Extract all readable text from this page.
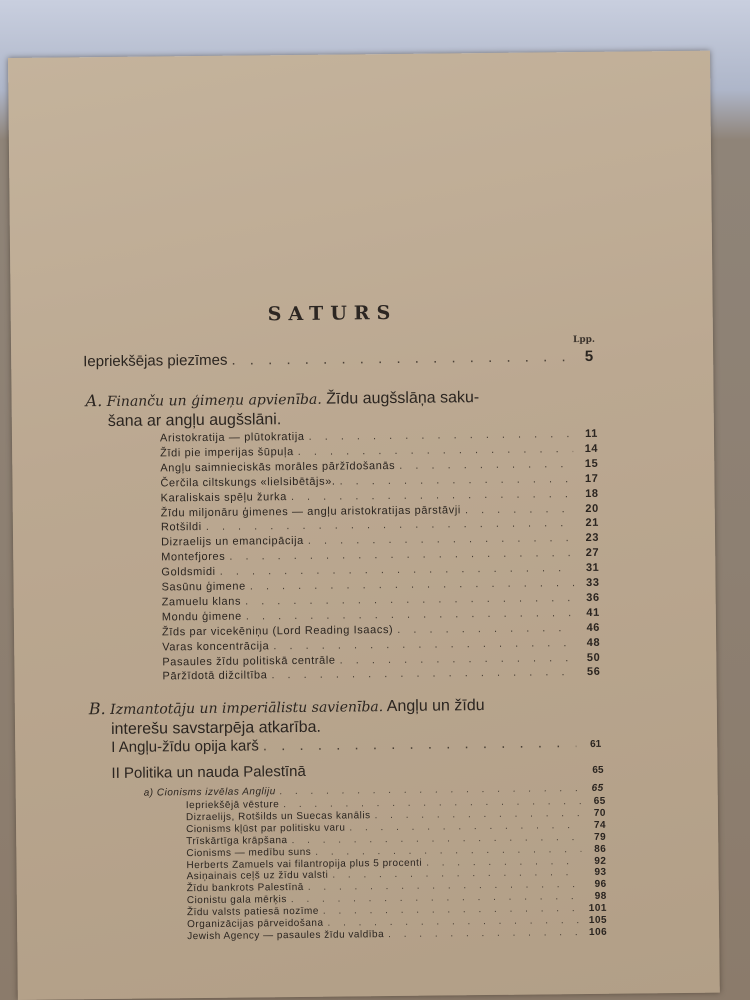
SATURS
Lpp.
Iepriekšējas piezīmes . . .	5
A. Finanču un ģimeņu apvienība. Žīdu augšslāņa saku-
šana ar angļu augšslāni.
Aristokratija — plūtokratija . . .	11
Žīdi pie imperijas šūpuļa . . .	14
Angļu saimnieciskās morāles pāržīdošanās . . .	15
Čerčila ciltskungs «lielsibētājs». . . .	17
Karaliskais spēļu žurka . . .	18
Žīdu miljonāru ģimenes — angļu aristokratijas pārstāvji . . .	20
Rotšildi . . .	21
Dizraelijs un emancipācija . . .	23
Montefjores . . .	27
Goldsmidi . . .	31
Sasūnu ģimene . . .	33
Zamuelu klans . . .	36
Mondu ģimene . . .	41
Žīds par vicekēniņu (Lord Reading Isaacs) . . .	46
Varas koncentrācija . . .	48
Pasaules žīdu politiskā centrāle . . .	50
Pāržīdotā dižciltība . . .	56
B. Izmantotāju un imperiālistu savienība. Angļu un žīdu
interešu savstarpēja atkarība.
I Angļu-žīdu opija karš . . .	61
II Politika un nauda Palestīnā	65
a) Cionisms izvēlas Angliju . . .	65
Iepriekšējā vēsture . . .	65
Dizraelijs, Rotšilds un Suecas kanālis . . .	70
Cionisms kļūst par politisku varu . . .	74
Trīskārtīga krāpšana . . .	79
Cionisms — medību suns . . .	86
Herberts Zamuels vai filantropija plus 5 procenti . . .	92
Asiņainais ceļš uz žīdu valsti . . .	93
Žīdu bankrots Palestīnā . . .	96
Cionistu gala mērķis . . .	98
Žīdu valsts patiesā nozīme . . .	101
Organizācijas pārveidošana . . .	105
Jewish Agency — pasaules žīdu valdība . . .	106
